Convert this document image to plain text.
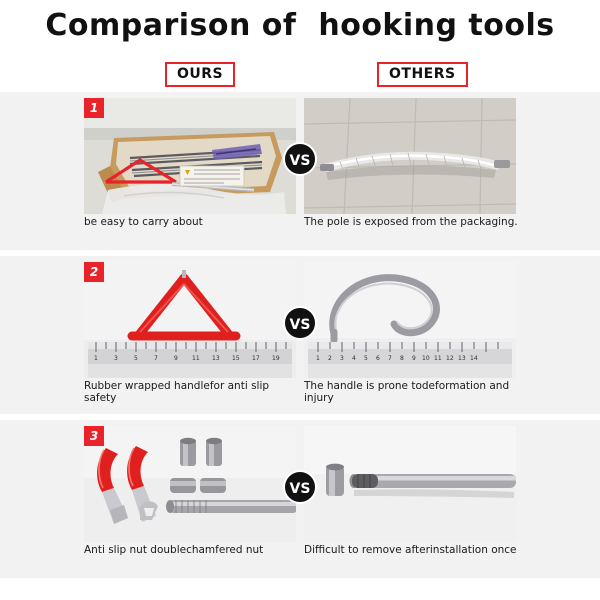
Comparison of  hooking tools
OURS	OTHERS
1
VS
be easy to carry about	The pole is exposed from the packaging.
2
1	3	5	7	9 11 13 15 17 19
VS
1 2 3 4 5 6 7 8 9 10 11 12 13 14
Rubber wrapped handlefor anti slip safety
The handle is prone todeformation and injury
3
VS
Anti slip nut doublechamfered nut	Difficult to remove afterinstallation once
